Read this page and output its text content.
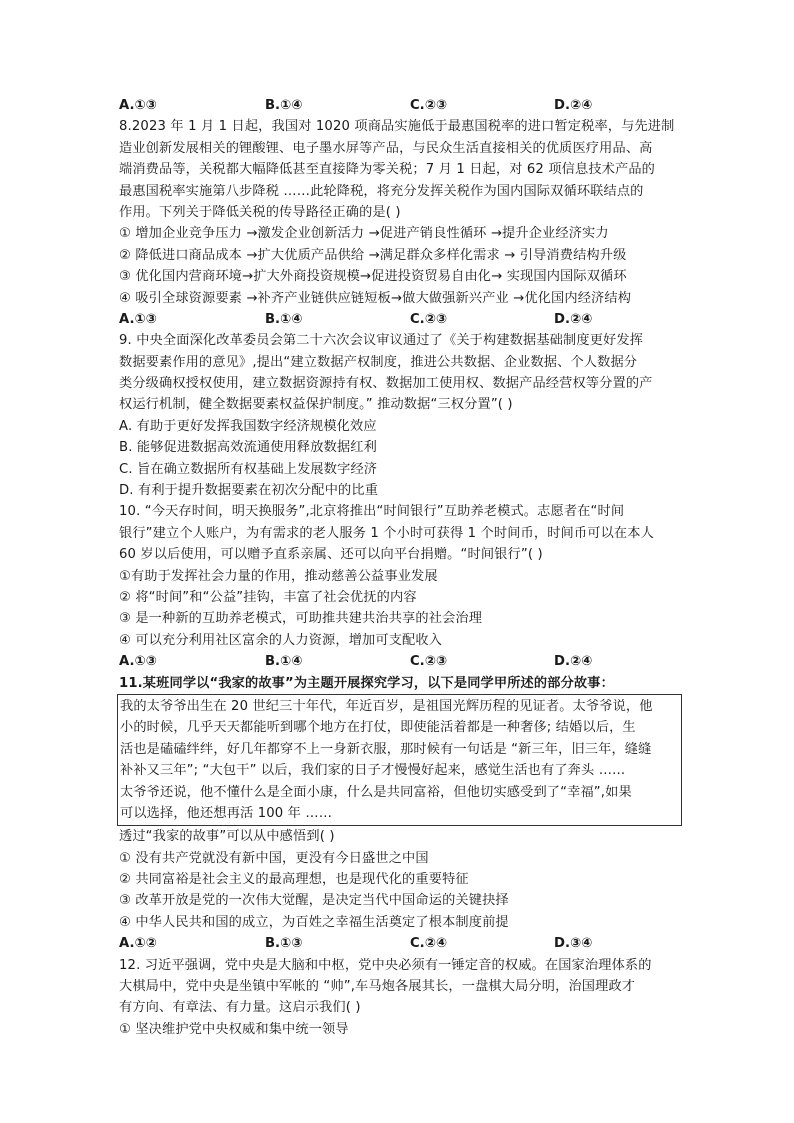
A.①③	B.①④	C.②③	D.②④
8.2023 年 1 月 1 日起，我国对 1020 项商品实施低于最惠国税率的进口暂定税率，与先进制
造业创新发展相关的锂酸锂、电子墨水屏等产品，与民众生活直接相关的优质医疗用品、高
端消费品等，关税都大幅降低甚至直接降为零关税；7 月 1 日起，对 62 项信息技术产品的
最惠国税率实施第八步降税 ……此轮降税，将充分发挥关税作为国内国际双循环联结点的
作用。下列关于降低关税的传导路径正确的是( )
① 增加企业竞争压力 →激发企业创新活力 →促进产销良性循环 →提升企业经济实力
② 降低进口商品成本 →扩大优质产品供给 →满足群众多样化需求 → 引导消费结构升级
③ 优化国内营商环境→扩大外商投资规模→促进投资贸易自由化→ 实现国内国际双循环
④ 吸引全球资源要素 →补齐产业链供应链短板→做大做强新兴产业 →优化国内经济结构
A.①③	B.①④	C.②③	D.②④
9. 中央全面深化改革委员会第二十六次会议审议通过了《关于构建数据基础制度更好发挥
数据要素作用的意见》,提出“建立数据产权制度，推进公共数据、企业数据、个人数据分
类分级确权授权使用，建立数据资源持有权、数据加工使用权、数据产品经营权等分置的产
权运行机制，健全数据要素权益保护制度。” 推动数据“三权分置”( )
A. 有助于更好发挥我国数字经济规模化效应
B. 能够促进数据高效流通使用释放数据红利
C. 旨在确立数据所有权基础上发展数字经济
D. 有利于提升数据要素在初次分配中的比重
10. “今天存时间，明天换服务”,北京将推出“时间银行”互助养老模式。志愿者在“时间
银行”建立个人账户，为有需求的老人服务 1 个小时可获得 1 个时间币，时间币可以在本人
60 岁以后使用，可以赠予直系亲属、还可以向平台捐赠。“时间银行”( )
①有助于发挥社会力量的作用，推动慈善公益事业发展
② 将“时间”和“公益”挂钩，丰富了社会优抚的内容
③ 是一种新的互助养老模式，可助推共建共治共享的社会治理
④ 可以充分利用社区富余的人力资源，增加可支配收入
A.①③	B.①④	C.②③	D.②④
11.某班同学以“我家的故事”为主题开展探究学习，以下是同学甲所述的部分故事：
我的太爷爷出生在 20 世纪三十年代，年近百岁，是祖国光辉历程的见证者。太爷爷说，他
小的时候，几乎天天都能听到哪个地方在打仗，即使能活着都是一种奢侈; 结婚以后，生
活也是磕磕绊绊，好几年都穿不上一身新衣服，那时候有一句话是 “新三年，旧三年，缝缝
补补又三年”; “大包干” 以后，我们家的日子才慢慢好起来，感觉生活也有了奔头 ……
太爷爷还说，他不懂什么是全面小康，什么是共同富裕，但他切实感受到了“幸福”,如果
可以选择，他还想再活 100 年 ……
透过“我家的故事”可以从中感悟到( )
① 没有共产党就没有新中国，更没有今日盛世之中国
② 共同富裕是社会主义的最高理想，也是现代化的重要特征
③ 改革开放是党的一次伟大觉醒，是决定当代中国命运的关键抉择
④ 中华人民共和国的成立，为百姓之幸福生活奠定了根本制度前提
A.①②	B.①③	C.②④	D.③④
12. 习近平强调，党中央是大脑和中枢，党中央必须有一锤定音的权威。在国家治理体系的
大棋局中，党中央是坐镇中军帐的 “帅”,车马炮各展其长，一盘棋大局分明，治国理政才
有方向、有章法、有力量。这启示我们( )
① 坚决维护党中央权威和集中统一领导
